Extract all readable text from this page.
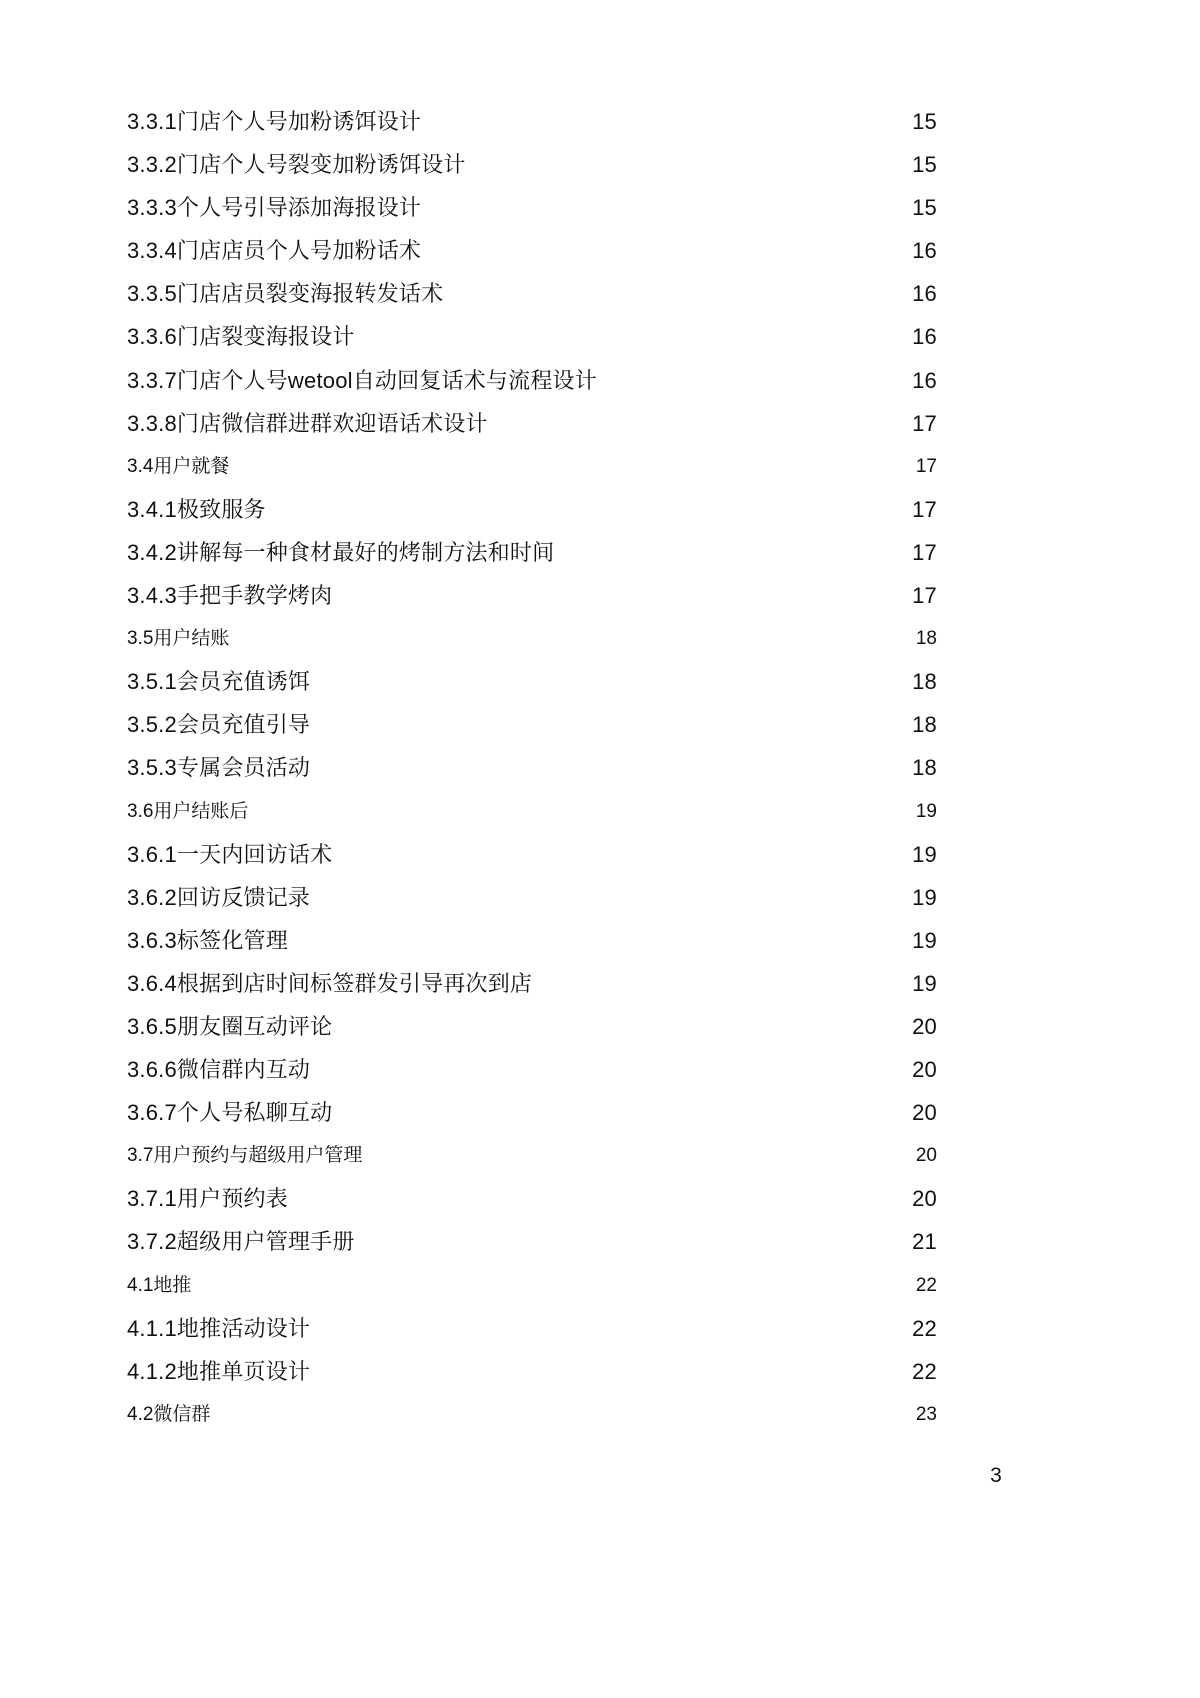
3.3.1门店个人号加粉诱饵设计	15
3.3.2门店个人号裂变加粉诱饵设计	15
3.3.3个人号引导添加海报设计	15
3.3.4门店店员个人号加粉话术	16
3.3.5门店店员裂变海报转发话术	16
3.3.6门店裂变海报设计	16
3.3.7门店个人号wetool自动回复话术与流程设计	16
3.3.8门店微信群进群欢迎语话术设计	17
3.4用户就餐	17
3.4.1极致服务	17
3.4.2讲解每一种食材最好的烤制方法和时间	17
3.4.3手把手教学烤肉	17
3.5用户结账	18
3.5.1会员充值诱饵	18
3.5.2会员充值引导	18
3.5.3专属会员活动	18
3.6用户结账后	19
3.6.1一天内回访话术	19
3.6.2回访反馈记录	19
3.6.3标签化管理	19
3.6.4根据到店时间标签群发引导再次到店	19
3.6.5朋友圈互动评论	20
3.6.6微信群内互动	20
3.6.7个人号私聊互动	20
3.7用户预约与超级用户管理	20
3.7.1用户预约表	20
3.7.2超级用户管理手册	21
4.1地推	22
4.1.1地推活动设计	22
4.1.2地推单页设计	22
4.2微信群	23
3
